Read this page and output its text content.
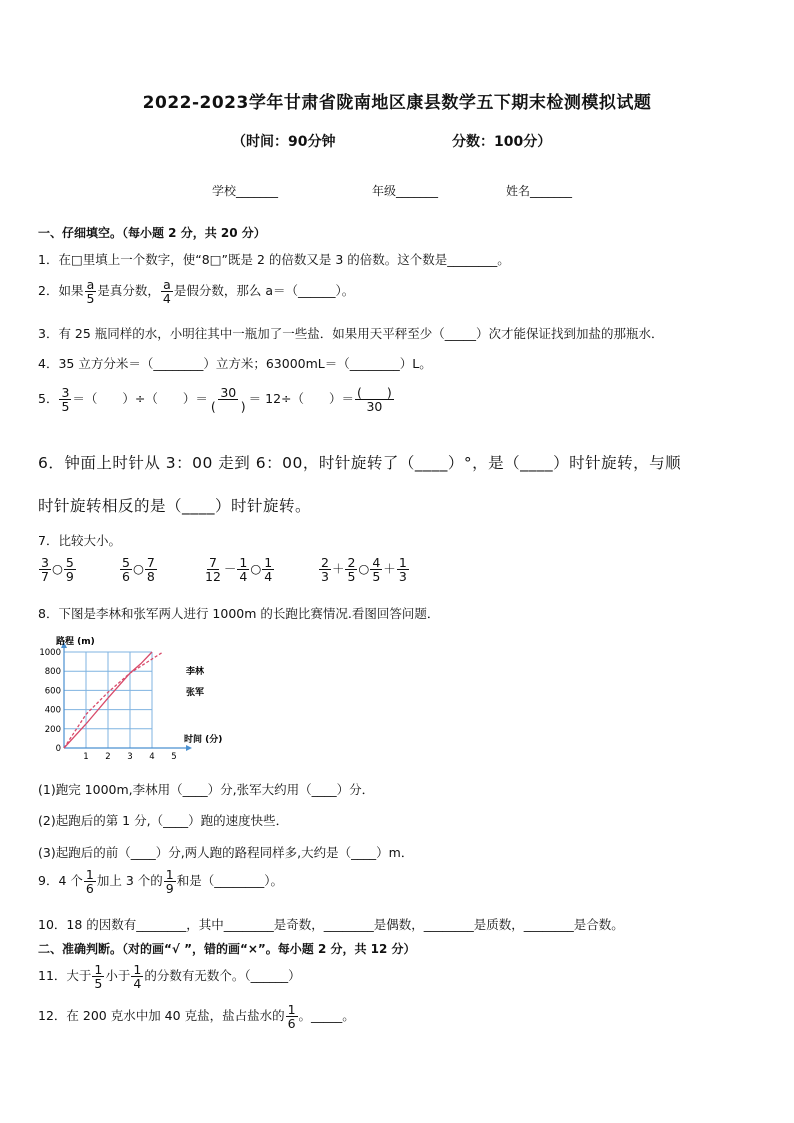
2022-2023学年甘肃省陇南地区康县数学五下期末检测模拟试题
（时间：90分钟	分数：100分）
学校_______	年级_______	姓名_______
一、仔细填空。（每小题 2 分，共 20 分）
1．在□里填上一个数字，使“8□”既是 2 的倍数又是 3 的倍数。这个数是________。
2．如果 $\frac{a}{5}$ 是真分数， $\frac{a}{4}$ 是假分数，那么 a＝（______）。
3．有 25 瓶同样的水，小明往其中一瓶加了一些盐．如果用天平秤至少（_____）次才能保证找到加盐的那瓶水．
4．35 立方分米＝（________）立方米；63000mL＝（________）L。
5． $\frac{3}{5}$ ＝（　　）÷（　　）＝ $\frac{30}{( )} = 12\div$（　　）＝ $\frac{( )}{30}$
6．钟面上时针从 3：00 走到 6：00，时针旋转了（____）°，是（____）时针旋转，与顺
时针旋转相反的是（____）时针旋转。
7．比较大小。
$\frac{3}{7}$ ○ $\frac{5}{9}$	$\frac{5}{6}$ ○ $\frac{7}{8}$	$\frac{7}{12} - \frac{1}{4}$ ○ $\frac{1}{4}$	$\frac{2}{3} + \frac{2}{5}$ ○ $\frac{4}{5} + \frac{1}{3}$
8．下图是李林和张军两人进行 1000m 的长跑比赛情况.看图回答问题．
0
200
400
600
800
1000
1 2 3 4 5
路程 (m)
时间 (分)
李林
张军
(1)跑完 1000m,李林用（____）分,张军大约用（____）分．
(2)起跑后的第 1 分,（____）跑的速度快些．
(3)起跑后的前（____）分,两人跑的路程同样多,大约是（____）m．
9．4 个 $\frac{1}{6}$ 加上 3 个的 $\frac{1}{9}$ 和是（________）。
10．18 的因数有________，其中________是奇数，________是偶数，________是质数，________是合数。
二、准确判断。（对的画“√ ”，错的画“×”。每小题 2 分，共 12 分）
11．大于 $\frac{1}{5}$ 小于 $\frac{1}{4}$ 的分数有无数个。（______）
12．在 200 克水中加 40 克盐，盐占盐水的 $\frac{1}{6}$ 。_____。
